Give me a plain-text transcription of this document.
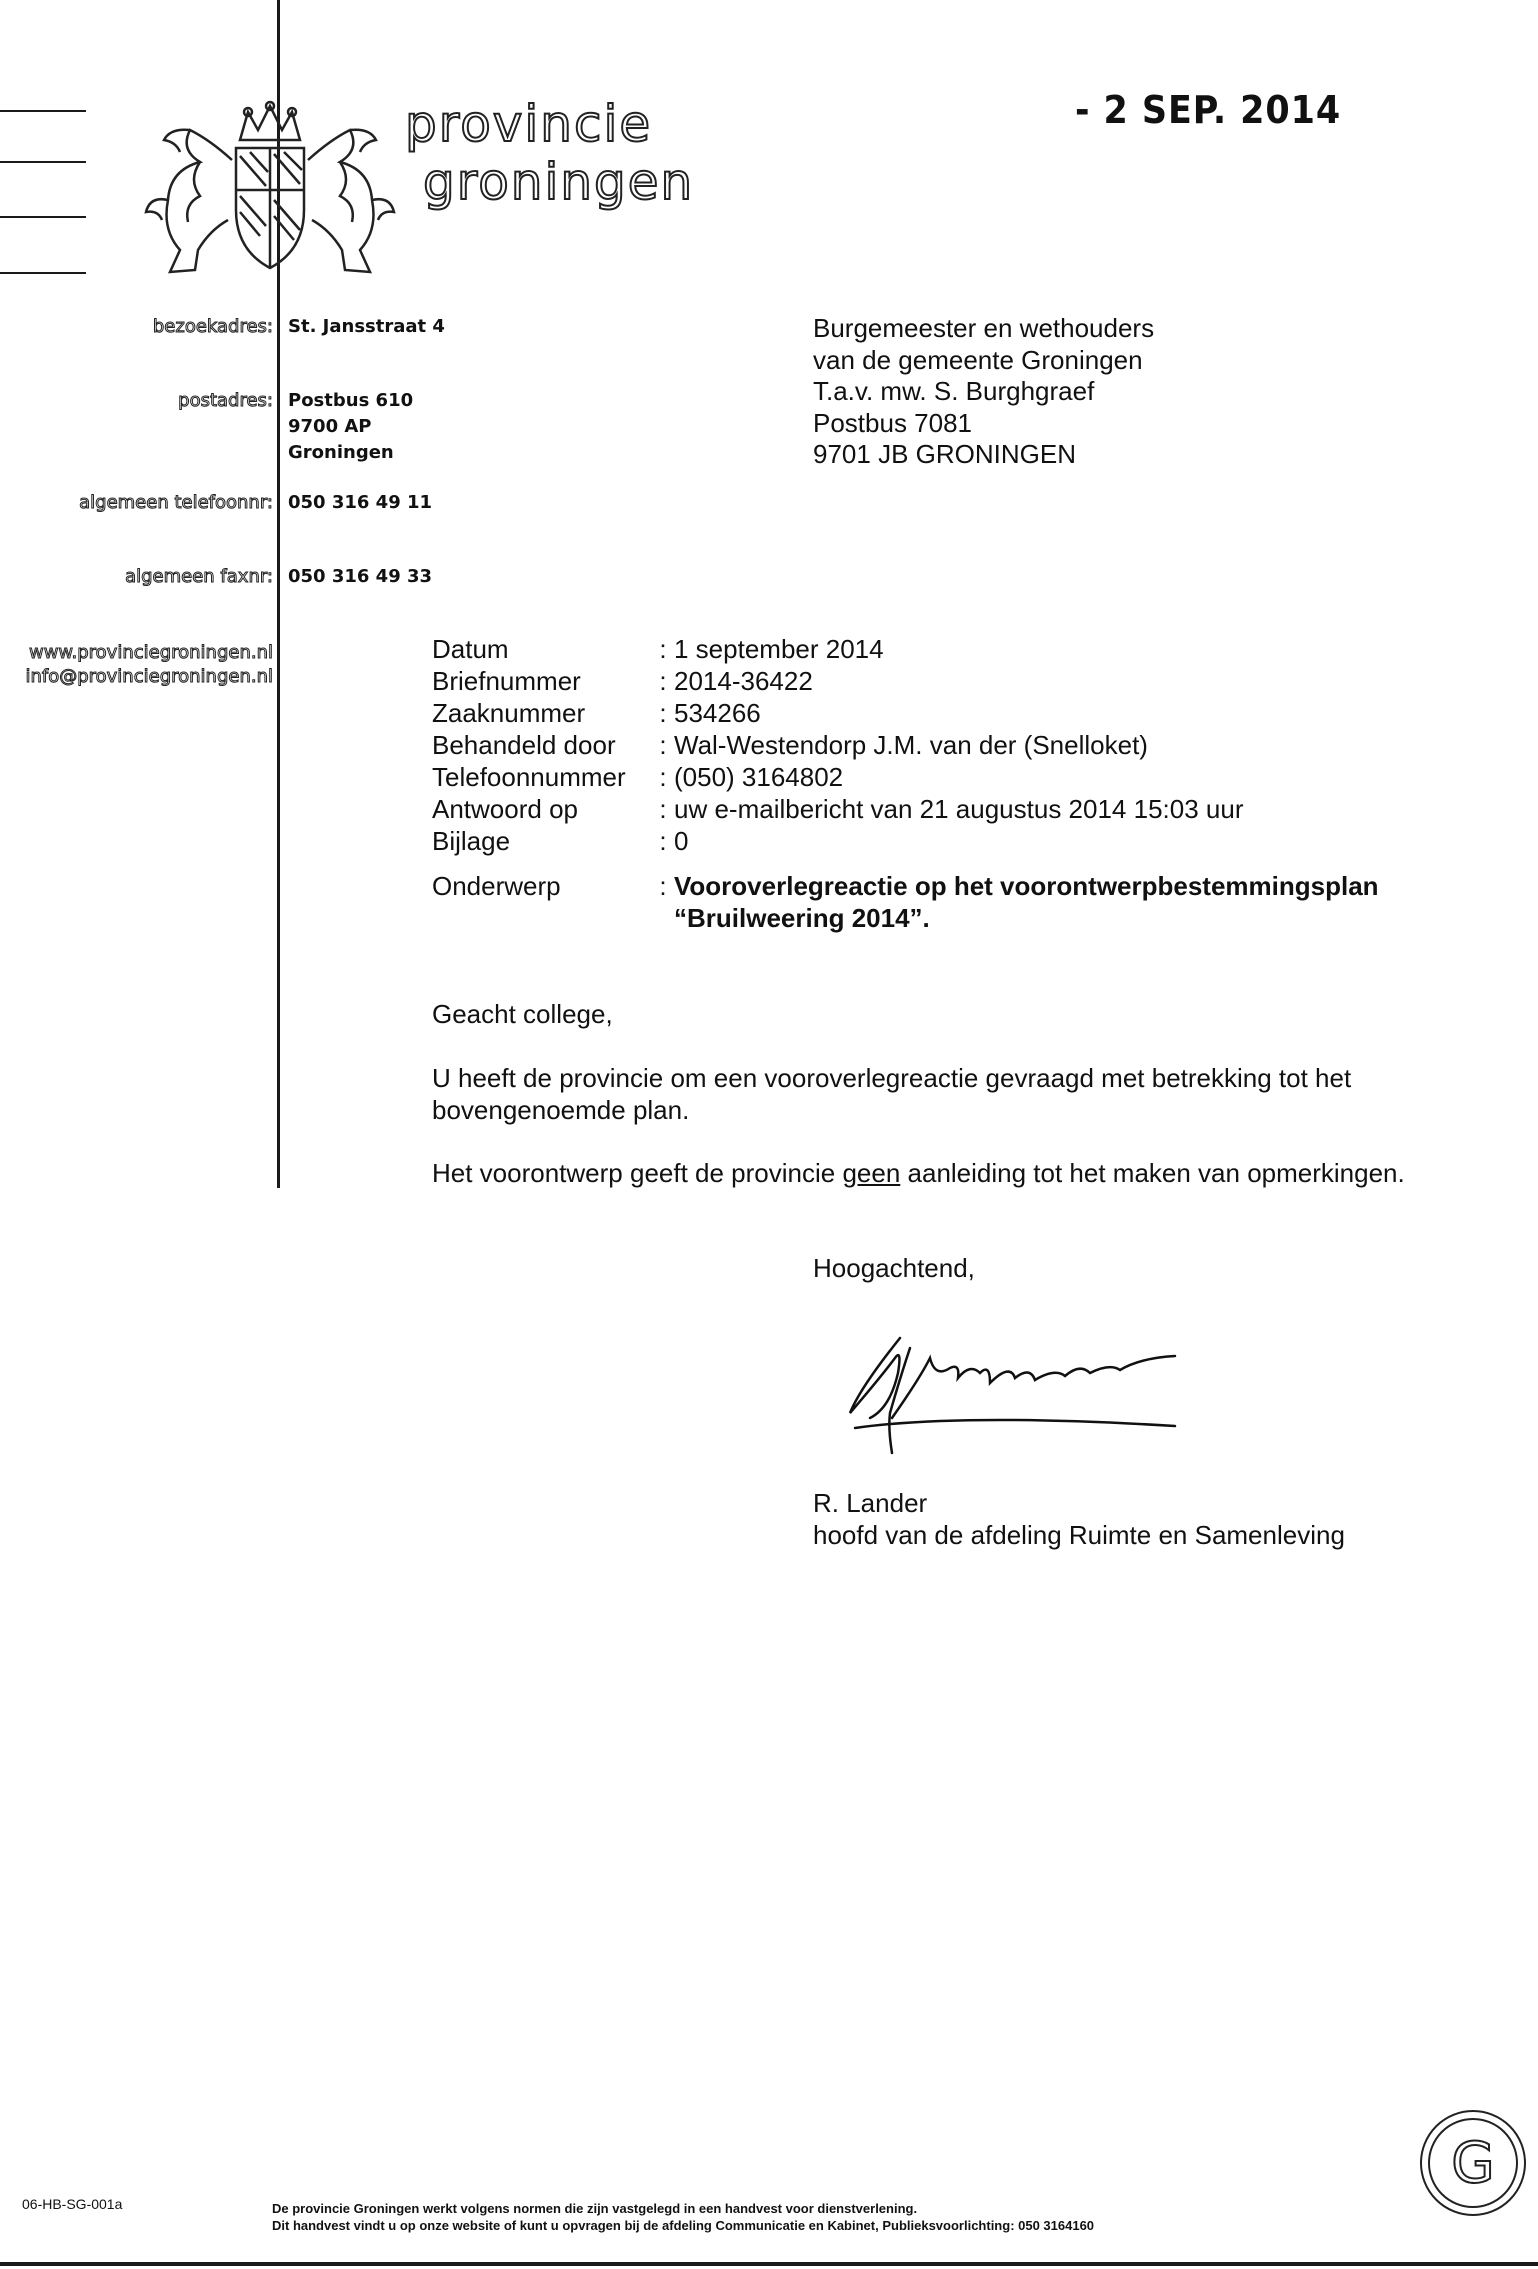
provincie
groningen
- 2 SEP. 2014
bezoekadres: St. Jansstraat 4
postadres: Postbus 610
9700 AP
Groningen
algemeen telefoonnr: 050 316 49 11
algemeen faxnr: 050 316 49 33
www.provinciegroningen.nl
info@provinciegroningen.nl
Burgemeester en wethouders
van de gemeente Groningen
T.a.v. mw. S. Burghgraef
Postbus 7081
9701 JB GRONINGEN
Datum	: 1 september 2014
Briefnummer	: 2014-36422
Zaaknummer	: 534266
Behandeld door	: Wal-Westendorp J.M. van der (Snelloket)
Telefoonnummer	: (050) 3164802
Antwoord op	: uw e-mailbericht van 21 augustus 2014 15:03 uur
Bijlage	: 0
Onderwerp	: Vooroverlegreactie op het voorontwerpbestemmingsplan
“Bruilweering 2014”.

Geacht college,

U heeft de provincie om een vooroverlegreactie gevraagd met betrekking tot het bovengenoemde plan.

Het voorontwerp geeft de provincie geen aanleiding tot het maken van opmerkingen.

Hoogachtend,
R. Lander
hoofd van de afdeling Ruimte en Samenleving
06-HB-SG-001a	De provincie Groningen werkt volgens normen die zijn vastgelegd in een handvest voor dienstverlening.
Dit handvest vindt u op onze website of kunt u opvragen bij de afdeling Communicatie en Kabinet, Publieksvoorlichting: 050 3164160
G
